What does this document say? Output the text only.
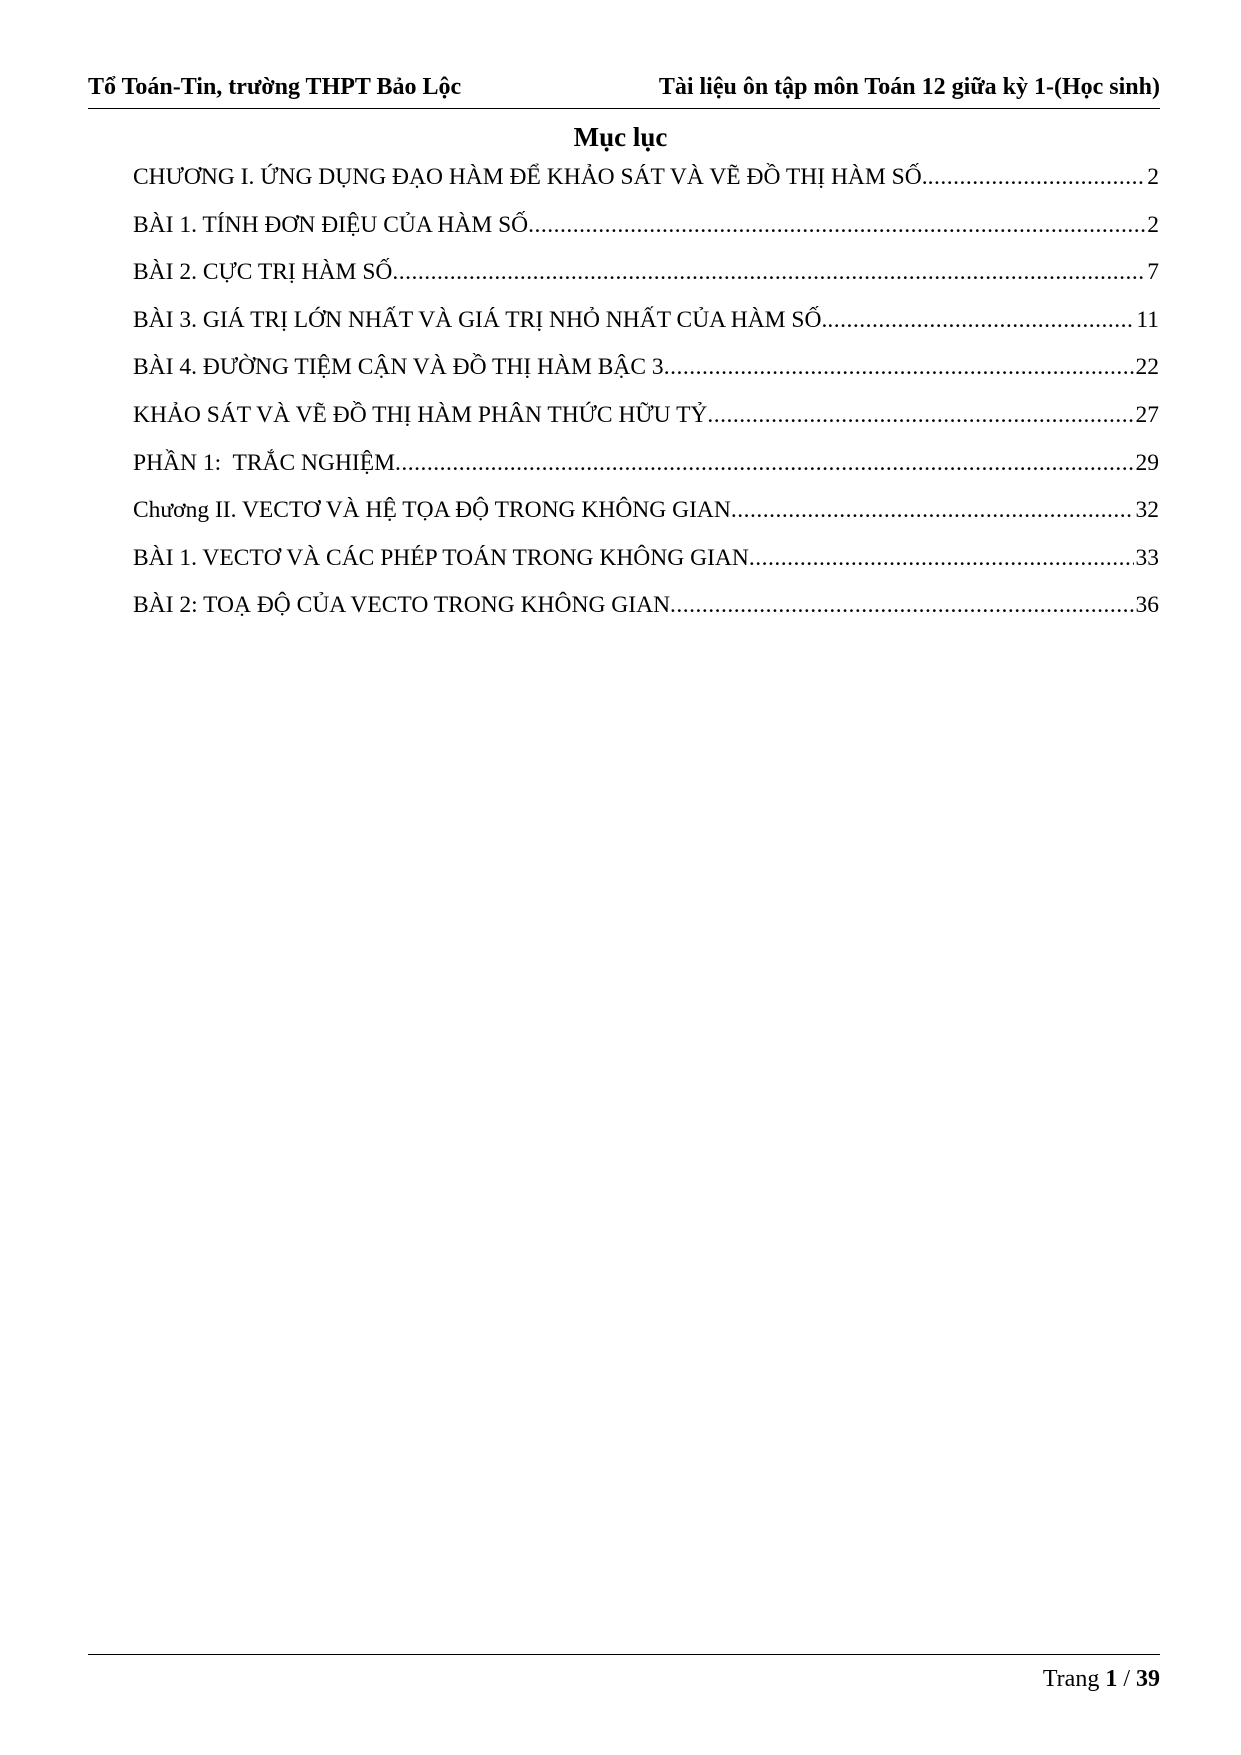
Tổ Toán-Tin, trường THPT Bảo Lộc	Tài liệu ôn tập môn Toán 12 giữa kỳ 1-(Học sinh)
Mục lục
CHƯƠNG I. ỨNG DỤNG ĐẠO HÀM ĐỂ KHẢO SÁT VÀ VẼ ĐỒ THỊ HÀM SỐ. .....	2
BÀI 1. TÍNH ĐƠN ĐIỆU CỦA HÀM SỐ .....	2
BÀI 2. CỰC TRỊ HÀM SỐ .....	7
BÀI 3. GIÁ TRỊ LỚN NHẤT VÀ GIÁ TRỊ NHỎ NHẤT CỦA HÀM SỐ. .....	11
BÀI 4. ĐƯỜNG TIỆM CẬN VÀ ĐỒ THỊ HÀM BẬC 3 .....	22
KHẢO SÁT VÀ VẼ ĐỒ THỊ HÀM PHÂN THỨC HỮU TỶ .....	27
PHẦN 1:  TRẮC NGHIỆM .....	29
Chương II. VECTƠ VÀ HỆ TỌA ĐỘ TRONG KHÔNG GIAN .....	32
BÀI 1. VECTƠ VÀ CÁC PHÉP TOÁN TRONG KHÔNG GIAN .....	33
BÀI 2: TOẠ ĐỘ CỦA VECTO TRONG KHÔNG GIAN .....	36
Trang 1 / 39
